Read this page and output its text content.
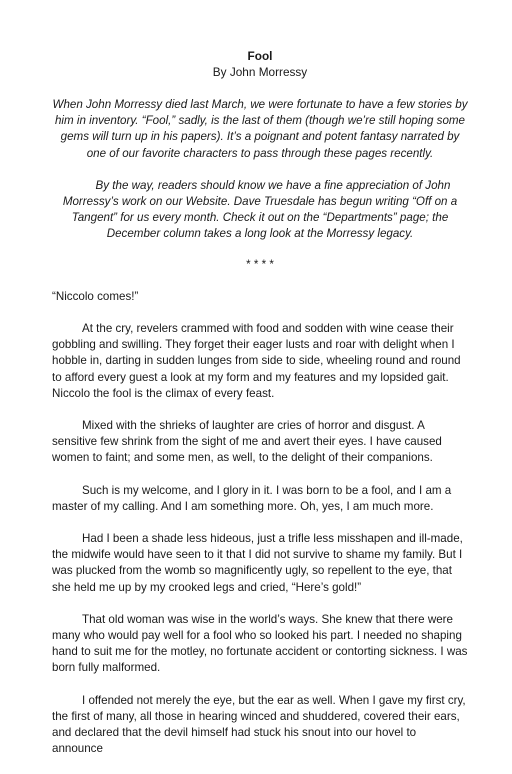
Fool

By John Morressy

When John Morressy died last March, we were fortunate to have a few stories by him in inventory. “Fool,” sadly, is the last of them (though we’re still hoping some gems will turn up in his papers). It’s a poignant and potent fantasy narrated by one of our favorite characters to pass through these pages recently.

By the way, readers should know we have a fine appreciation of John Morressy’s work on our Website. Dave Truesdale has begun writing “Off on a Tangent” for us every month. Check it out on the “Departments” page; the December column takes a long look at the Morressy legacy.

* * * *

“Niccolo comes!”

At the cry, revelers crammed with food and sodden with wine cease their gobbling and swilling. They forget their eager lusts and roar with delight when I hobble in, darting in sudden lunges from side to side, wheeling round and round to afford every guest a look at my form and my features and my lopsided gait. Niccolo the fool is the climax of every feast.

Mixed with the shrieks of laughter are cries of horror and disgust. A sensitive few shrink from the sight of me and avert their eyes. I have caused women to faint; and some men, as well, to the delight of their companions.

Such is my welcome, and I glory in it. I was born to be a fool, and I am a master of my calling. And I am something more. Oh, yes, I am much more.

Had I been a shade less hideous, just a trifle less misshapen and ill-made, the midwife would have seen to it that I did not survive to shame my family. But I was plucked from the womb so magnificently ugly, so repellent to the eye, that she held me up by my crooked legs and cried, “Here’s gold!”

That old woman was wise in the world’s ways. She knew that there were many who would pay well for a fool who so looked his part. I needed no shaping hand to suit me for the motley, no fortunate accident or contorting sickness. I was born fully malformed.

I offended not merely the eye, but the ear as well. When I gave my first cry, the first of many, all those in hearing winced and shuddered, covered their ears, and declared that the devil himself had stuck his snout into our hovel to announce
